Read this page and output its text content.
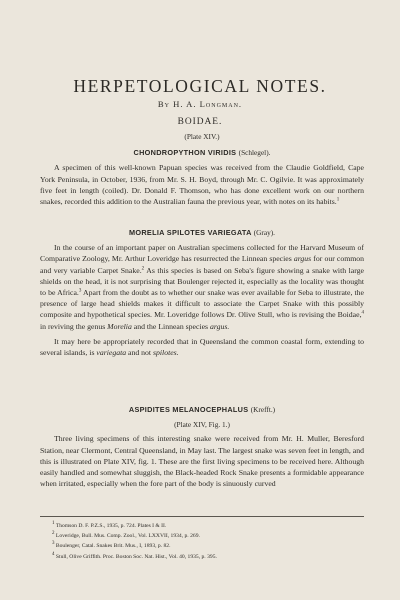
HERPETOLOGICAL NOTES.
By H. A. Longman.
BOIDAE.
(Plate XIV.)
CHONDROPYTHON VIRIDIS (Schlegel).

A specimen of this well-known Papuan species was received from the Claudie Goldfield, Cape York Peninsula, in October, 1936, from Mr. S. H. Boyd, through Mr. C. Ogilvie. It was approximately five feet in length (coiled). Dr. Donald F. Thomson, who has done excellent work on our northern snakes, recorded this addition to the Australian fauna the previous year, with notes on its habits.$^1$

MORELIA SPILOTES VARIEGATA (Gray).

In the course of an important paper on Australian specimens collected for the Harvard Museum of Comparative Zoology, Mr. Arthur Loveridge has resurrected the Linnean species argus for our common and very variable Carpet Snake.$^2$ As this species is based on Seba's figure showing a snake with large shields on the head, it is not surprising that Boulenger rejected it, especially as the locality was thought to be Africa.$^3$ Apart from the doubt as to whether our snake was ever available for Seba to illustrate, the presence of large head shields makes it difficult to associate the Carpet Snake with this possibly composite and hypothetical species. Mr. Loveridge follows Dr. Olive Stull, who is revising the Boidae,$^4$ in reviving the genus Morelia and the Linnean species argus.

It may here be appropriately recorded that in Queensland the common coastal form, extending to several islands, is variegata and not spilotes.

ASPIDITES MELANOCEPHALUS (Krefft.)
(Plate XIV, Fig. 1.)

Three living specimens of this interesting snake were received from Mr. H. Muller, Beresford Station, near Clermont, Central Queensland, in May last. The largest snake was seven feet in length, and this is illustrated on Plate XIV, fig. 1. These are the first living specimens to be received here. Although easily handled and somewhat sluggish, the Black-headed Rock Snake presents a formidable appearance when irritated, especially when the fore part of the body is sinuously curved

$^1$ Thomson D. F. P.Z.S., 1935, p. 724. Plates I & II.
$^2$ Loveridge, Bull. Mus. Comp. Zool., Vol. LXXVII, 1934, p. 269.
$^3$ Boulenger, Catal. Snakes Brit. Mus., I, 1893, p. 82.
$^4$ Stull, Olive Griffith. Proc. Boston Soc. Nat. Hist., Vol. 40, 1935, p. 395.
